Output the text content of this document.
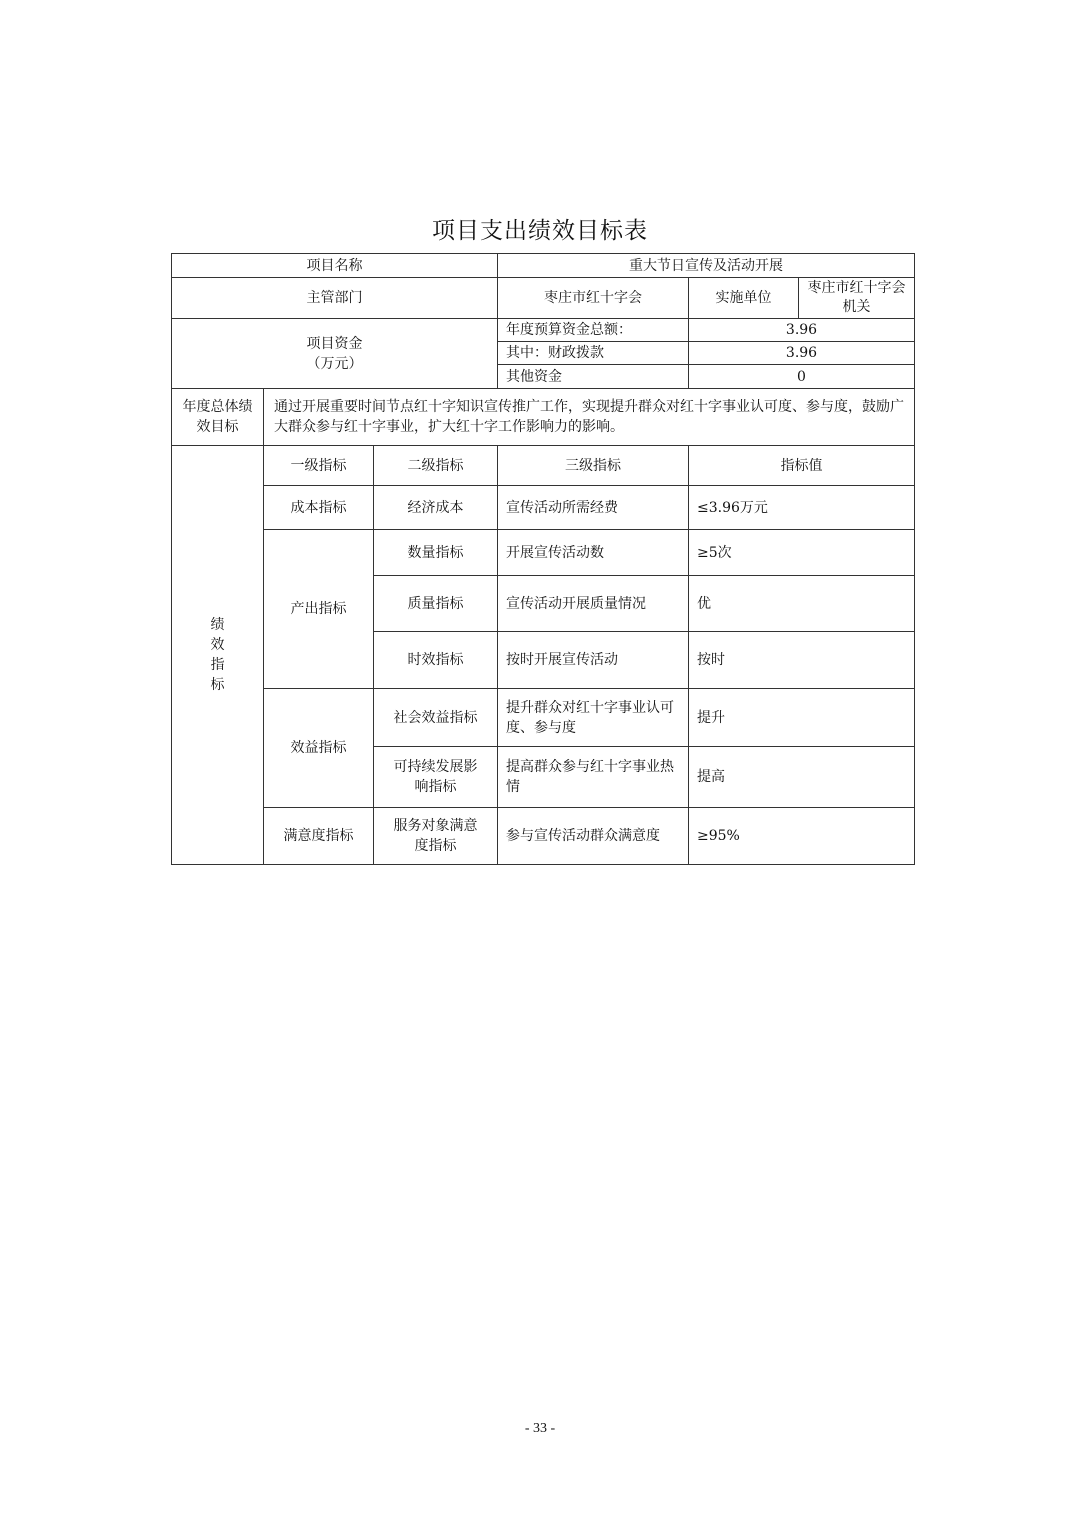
项目支出绩效目标表
项目名称			重大节日宣传及活动开展		
主管部门			枣庄市红十字会	实施单位	枣庄市红十字会机关

项目资金
（万元）			年度预算资金总额：	3.96	
			其中：财政拨款	3.96	
			其他资金	0	
年度总体绩效目标	通过开展重要时间节点红十字知识宣传推广工作，实现提升群众对红十字事业认可度、参与度，鼓励广大群众参与红十字事业，扩大红十字工作影响力的影响。				

绩效指标	一级指标	二级指标	三级指标	指标值	
	成本指标	经济成本	宣传活动所需经费	≤3.96万元	
	产出指标	数量指标	开展宣传活动数	≥5次	
		质量指标	宣传活动开展质量情况	优	
		时效指标	按时开展宣传活动	按时	
	效益指标	社会效益指标	提升群众对红十字事业认可度、参与度	提升	
		可持续发展影响指标	提高群众参与红十字事业热情	提高	
	满意度指标	服务对象满意度指标	参与宣传活动群众满意度	≥95%	
- 33 -
